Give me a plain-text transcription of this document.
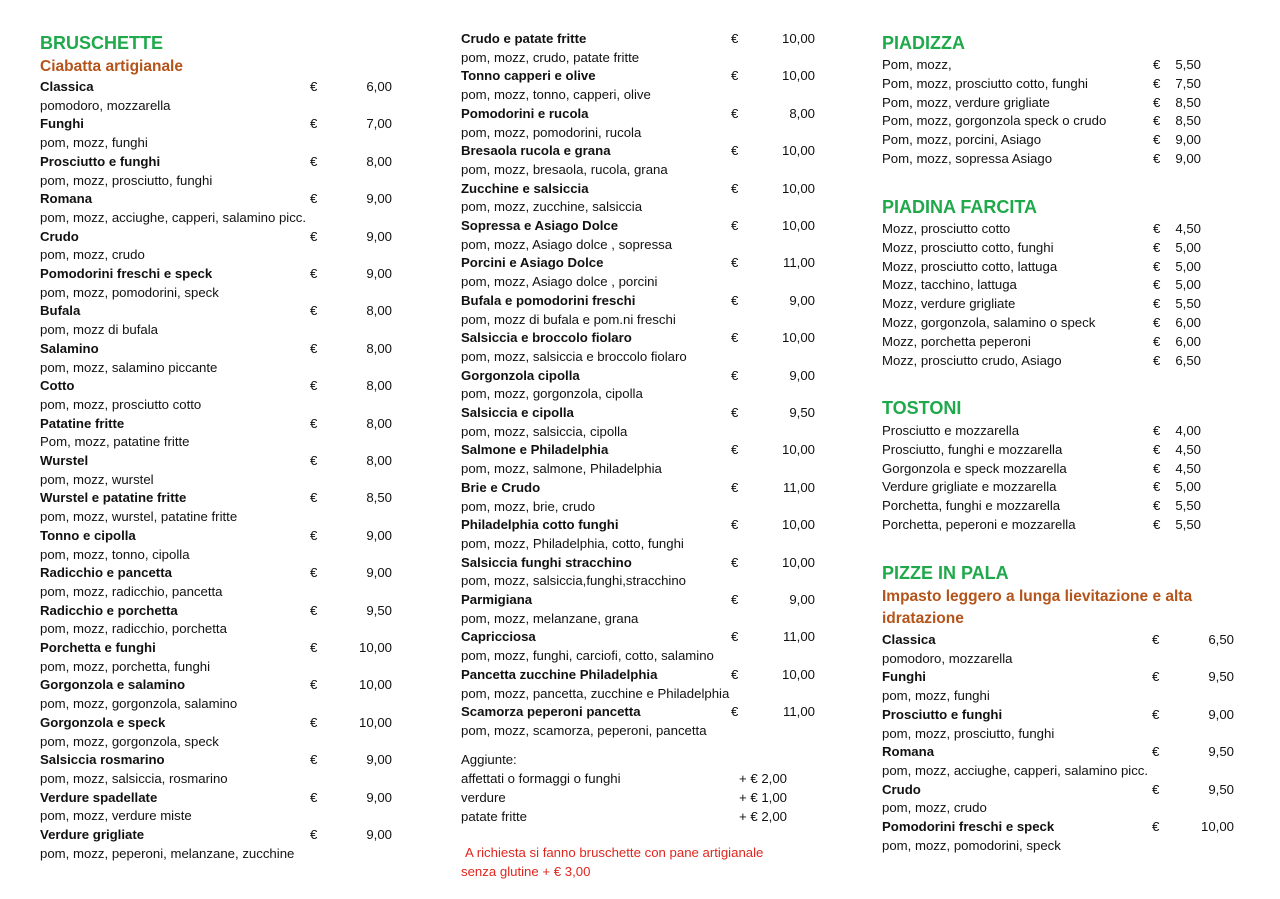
BRUSCHETTE
Ciabatta artigianale
Classica	€	6,00
pomodoro, mozzarella
Funghi	€	7,00
pom, mozz, funghi
Prosciutto e funghi	€	8,00
pom, mozz, prosciutto, funghi
Romana	€	9,00
pom, mozz, acciughe, capperi, salamino picc.
Crudo	€	9,00
pom, mozz, crudo
Pomodorini freschi e speck	€	9,00
pom, mozz, pomodorini, speck
Bufala	€	8,00
pom, mozz di bufala
Salamino	€	8,00
pom, mozz, salamino piccante
Cotto	€	8,00
pom, mozz, prosciutto cotto
Patatine fritte	€	8,00
Pom, mozz, patatine fritte
Wurstel	€	8,00
pom, mozz, wurstel
Wurstel e patatine fritte	€	8,50
pom, mozz, wurstel, patatine fritte
Tonno e cipolla	€	9,00
pom, mozz, tonno, cipolla
Radicchio e pancetta	€	9,00
pom, mozz, radicchio, pancetta
Radicchio e porchetta	€	9,50
pom, mozz, radicchio, porchetta
Porchetta e funghi	€	10,00
pom, mozz, porchetta, funghi
Gorgonzola e salamino	€	10,00
pom, mozz, gorgonzola, salamino
Gorgonzola e speck	€	10,00
pom, mozz, gorgonzola, speck
Salsiccia rosmarino	€	9,00
pom, mozz, salsiccia, rosmarino
Verdure spadellate	€	9,00
pom, mozz, verdure miste
Verdure grigliate	€	9,00
pom, mozz, peperoni, melanzane, zucchine
Crudo e patate fritte	€	10,00
pom, mozz, crudo, patate fritte
Tonno capperi e olive	€	10,00
pom, mozz, tonno, capperi, olive
Pomodorini e rucola	€	8,00
pom, mozz, pomodorini, rucola
Bresaola rucola e grana	€	10,00
pom, mozz, bresaola, rucola, grana
Zucchine e salsiccia	€	10,00
pom, mozz, zucchine, salsiccia
Sopressa e Asiago Dolce	€	10,00
pom, mozz, Asiago dolce , sopressa
Porcini e Asiago Dolce	€	11,00
pom, mozz, Asiago dolce , porcini
Bufala e pomodorini freschi	€	9,00
pom, mozz di bufala e pom.ni freschi
Salsiccia e broccolo fiolaro	€	10,00
pom, mozz, salsiccia e broccolo fiolaro
Gorgonzola cipolla	€	9,00
pom, mozz, gorgonzola, cipolla
Salsiccia e cipolla	€	9,50
pom, mozz, salsiccia, cipolla
Salmone e Philadelphia	€	10,00
pom, mozz, salmone, Philadelphia
Brie e Crudo	€	11,00
pom, mozz, brie, crudo
Philadelphia cotto funghi	€	10,00
pom, mozz, Philadelphia, cotto, funghi
Salsiccia funghi stracchino	€	10,00
pom, mozz, salsiccia,funghi,stracchino
Parmigiana	€	9,00
pom, mozz, melanzane, grana
Capricciosa	€	11,00
pom, mozz, funghi, carciofi, cotto, salamino
Pancetta zucchine Philadelphia	€	10,00
pom, mozz, pancetta, zucchine e Philadelphia
Scamorza peperoni pancetta	€	11,00
pom, mozz, scamorza, peperoni, pancetta
Aggiunte:
affettati o formaggi o funghi	+ € 2,00
verdure	+ € 1,00
patate fritte	+ € 2,00
A richiesta si fanno bruschette con pane artigianale
senza glutine + € 3,00
PIADIZZA
Pom, mozz,	€	5,50
Pom, mozz, prosciutto cotto, funghi	€	7,50
Pom, mozz, verdure grigliate	€	8,50
Pom, mozz, gorgonzola speck o crudo	€	8,50
Pom, mozz, porcini, Asiago	€	9,00
Pom, mozz, sopressa Asiago	€	9,00
PIADINA FARCITA
Mozz, prosciutto cotto	€	4,50
Mozz, prosciutto cotto, funghi	€	5,00
Mozz, prosciutto cotto, lattuga	€	5,00
Mozz, tacchino, lattuga	€	5,00
Mozz, verdure grigliate	€	5,50
Mozz, gorgonzola, salamino o speck	€	6,00
Mozz, porchetta peperoni	€	6,00
Mozz, prosciutto crudo, Asiago	€	6,50
TOSTONI
Prosciutto e mozzarella	€	4,00
Prosciutto, funghi e mozzarella	€	4,50
Gorgonzola e speck mozzarella	€	4,50
Verdure grigliate e mozzarella	€	5,00
Porchetta, funghi e mozzarella	€	5,50
Porchetta, peperoni e mozzarella	€	5,50
PIZZE IN PALA
Impasto leggero a lunga lievitazione e alta
idratazione
Classica	€	6,50
pomodoro, mozzarella
Funghi	€	9,50
pom, mozz, funghi
Prosciutto e funghi	€	9,00
pom, mozz, prosciutto, funghi
Romana	€	9,50
pom, mozz, acciughe, capperi, salamino picc.
Crudo	€	9,50
pom, mozz, crudo
Pomodorini freschi e speck	€	10,00
pom, mozz, pomodorini, speck
